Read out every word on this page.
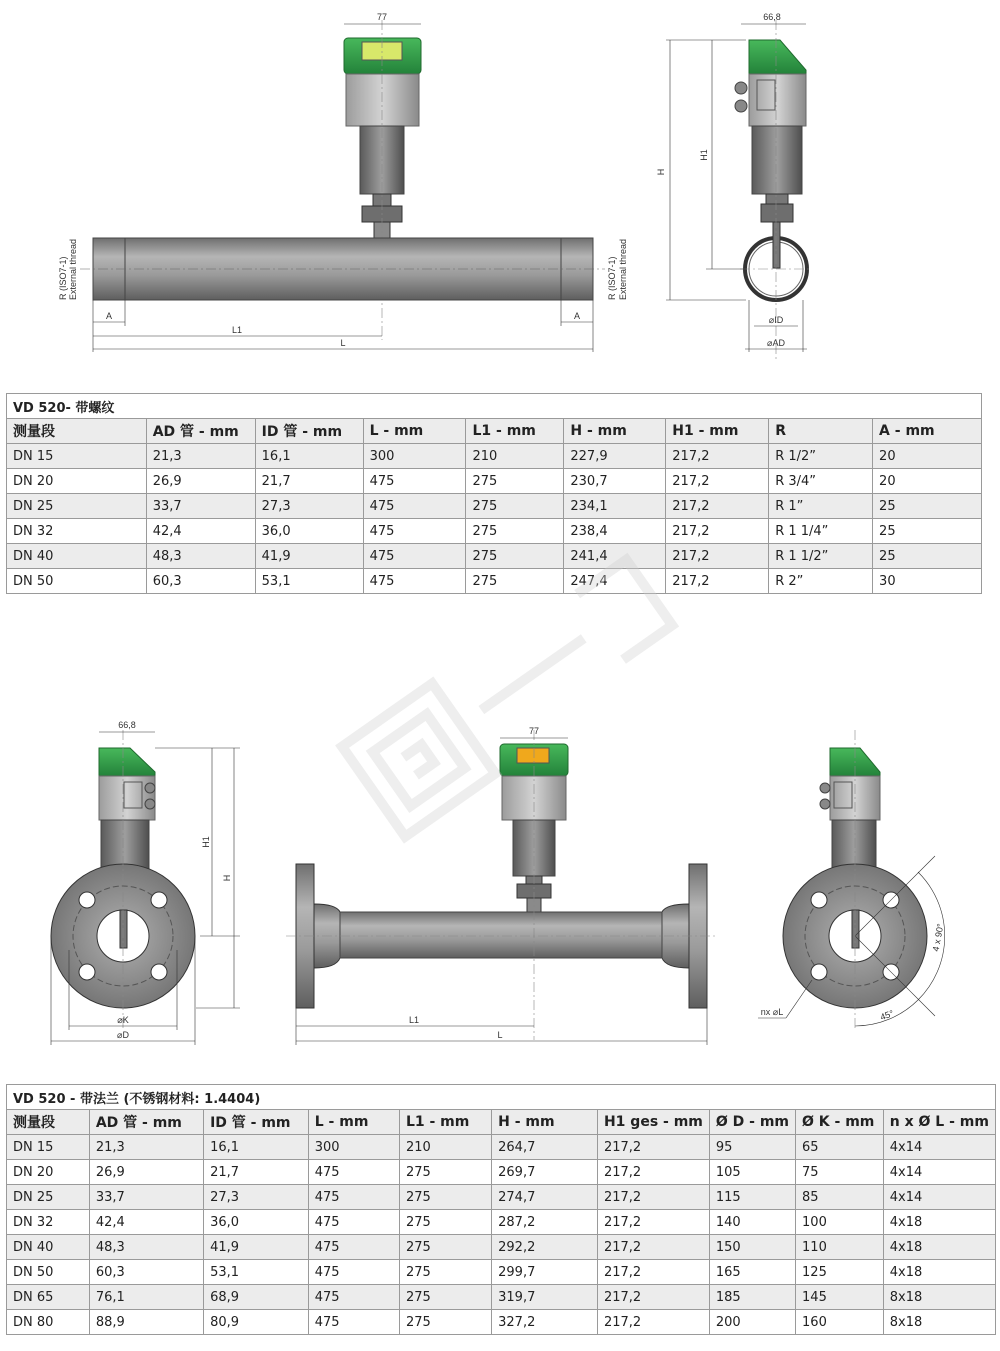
77
R (ISO7-1) External thread	R (ISO7-1) External thread
A	A
L1
L
66,8
H
H1
⌀ID
⌀AD
VD 520- 带螺纹								
测量段	AD 管 - mm	ID 管 - mm	L - mm	L1 - mm	H - mm	H1 - mm	R	A - mm
DN 15	21,3	16,1	300	210	227,9	217,2	R 1/2”	20
DN 20	26,9	21,7	475	275	230,7	217,2	R 3/4”	20
DN 25	33,7	27,3	475	275	234,1	217,2	R 1”	25
DN 32	42,4	36,0	475	275	238,4	217,2	R 1 1/4”	25
DN 40	48,3	41,9	475	275	241,4	217,2	R 1 1/2”	25
DN 50	60,3	53,1	475	275	247,4	217,2	R 2”	30
66,8
H1
H
⌀K
⌀D
77
L1
L
4 x 90°
45°
nx ⌀L
VD 520 - 带法兰 (不锈钢材料: 1.4404)									
测量段	AD 管 - mm	ID 管 - mm	L - mm	L1 - mm	H - mm	H1 ges - mm	Ø D - mm	Ø K - mm	n x Ø L - mm
DN 15	21,3	16,1	300	210	264,7	217,2	95	65	4x14
DN 20	26,9	21,7	475	275	269,7	217,2	105	75	4x14
DN 25	33,7	27,3	475	275	274,7	217,2	115	85	4x14
DN 32	42,4	36,0	475	275	287,2	217,2	140	100	4x18
DN 40	48,3	41,9	475	275	292,2	217,2	150	110	4x18
DN 50	60,3	53,1	475	275	299,7	217,2	165	125	4x18
DN 65	76,1	68,9	475	275	319,7	217,2	185	145	8x18
DN 80	88,9	80,9	475	275	327,2	217,2	200	160	8x18
